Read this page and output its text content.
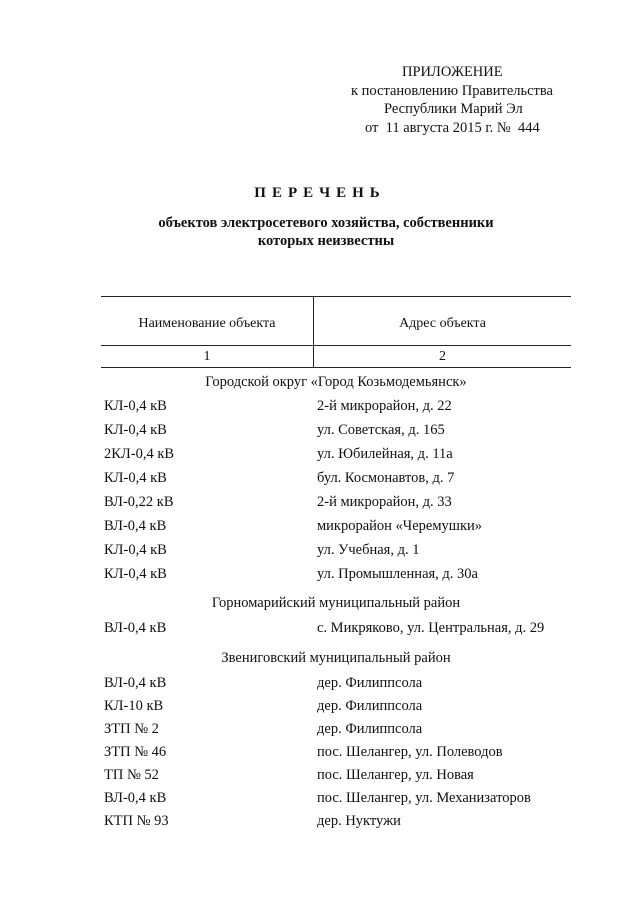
ПРИЛОЖЕНИЕ
к постановлению Правительства
Республики Марий Эл
от  11 августа 2015 г. №  444
ПЕРЕЧЕНЬ
объектов электросетевого хозяйства, собственники
которых неизвестны
Наименование объекта	Адрес объекта
1	2
Городской округ «Город Козьмодемьянск»
КЛ-0,4 кВ	2-й микрорайон, д. 22
КЛ-0,4 кВ	ул. Советская, д. 165
2КЛ-0,4 кВ	ул. Юбилейная, д. 11а
КЛ-0,4 кВ	бул. Космонавтов, д. 7
ВЛ-0,22 кВ	2-й микрорайон, д. 33
ВЛ-0,4 кВ	микрорайон «Черемушки»
КЛ-0,4 кВ	ул. Учебная, д. 1
КЛ-0,4 кВ	ул. Промышленная, д. 30а
Горномарийский муниципальный район
ВЛ-0,4 кВ	с. Микряково, ул. Центральная, д. 29
Звениговский муниципальный район
ВЛ-0,4 кВ	дер. Филиппсола
КЛ-10 кВ	дер. Филиппсола
ЗТП № 2	дер. Филиппсола
ЗТП № 46	пос. Шелангер, ул. Полеводов
ТП № 52	пос. Шелангер, ул. Новая
ВЛ-0,4 кВ	пос. Шелангер, ул. Механизаторов
КТП № 93	дер. Нуктужи
